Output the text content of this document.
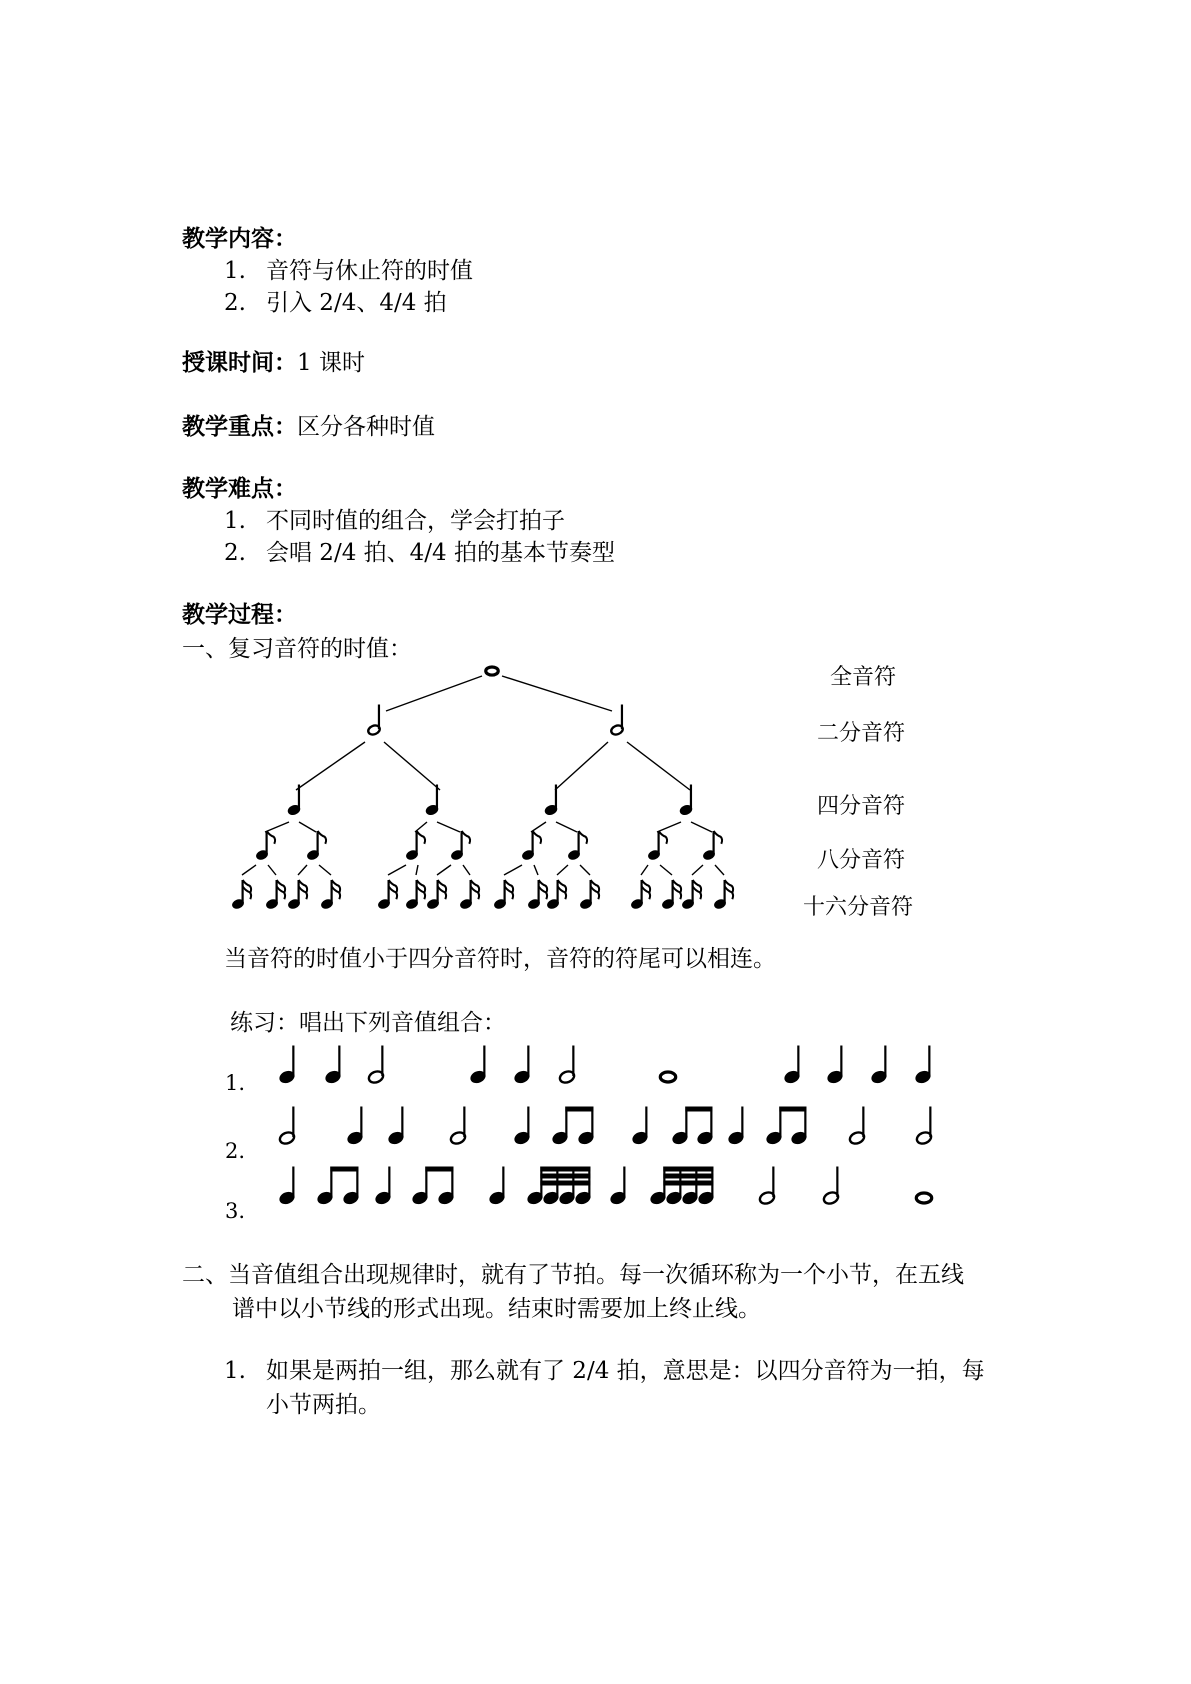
教学内容：
1. 音符与休止符的时值
2. 引入 2/4、4/4 拍
授课时间：1 课时
教学重点：区分各种时值
教学难点：
1. 不同时值的组合，学会打拍子
2. 会唱 2/4 拍、4/4 拍的基本节奏型
教学过程：
一、复习音符的时值：
全音符
二分音符
四分音符
八分音符
十六分音符
当音符的时值小于四分音符时，音符的符尾可以相连。
练习：唱出下列音值组合：
1.
2.
3.
二、当音值组合出现规律时，就有了节拍。每一次循环称为一个小节，在五线
谱中以小节线的形式出现。结束时需要加上终止线。
1. 如果是两拍一组，那么就有了 2/4 拍，意思是：以四分音符为一拍，每
小节两拍。
